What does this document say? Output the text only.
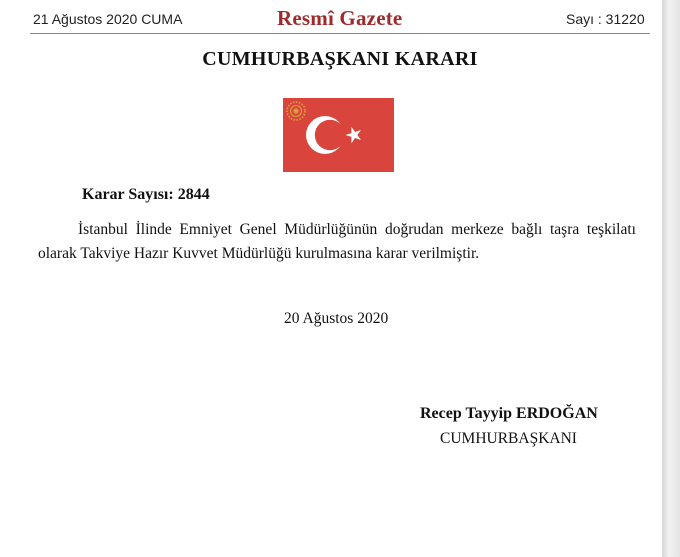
21 Ağustos 2020 CUMA	Resmî Gazete	Sayı : 31220
CUMHURBAŞKANI KARARI
Karar Sayısı: 2844
İstanbul İlinde Emniyet Genel Müdürlüğünün doğrudan merkeze bağlı taşra teşkilatı
olarak Takviye Hazır Kuvvet Müdürlüğü kurulmasına karar verilmiştir.
20 Ağustos 2020
Recep Tayyip ERDOĞAN
CUMHURBAŞKANI
